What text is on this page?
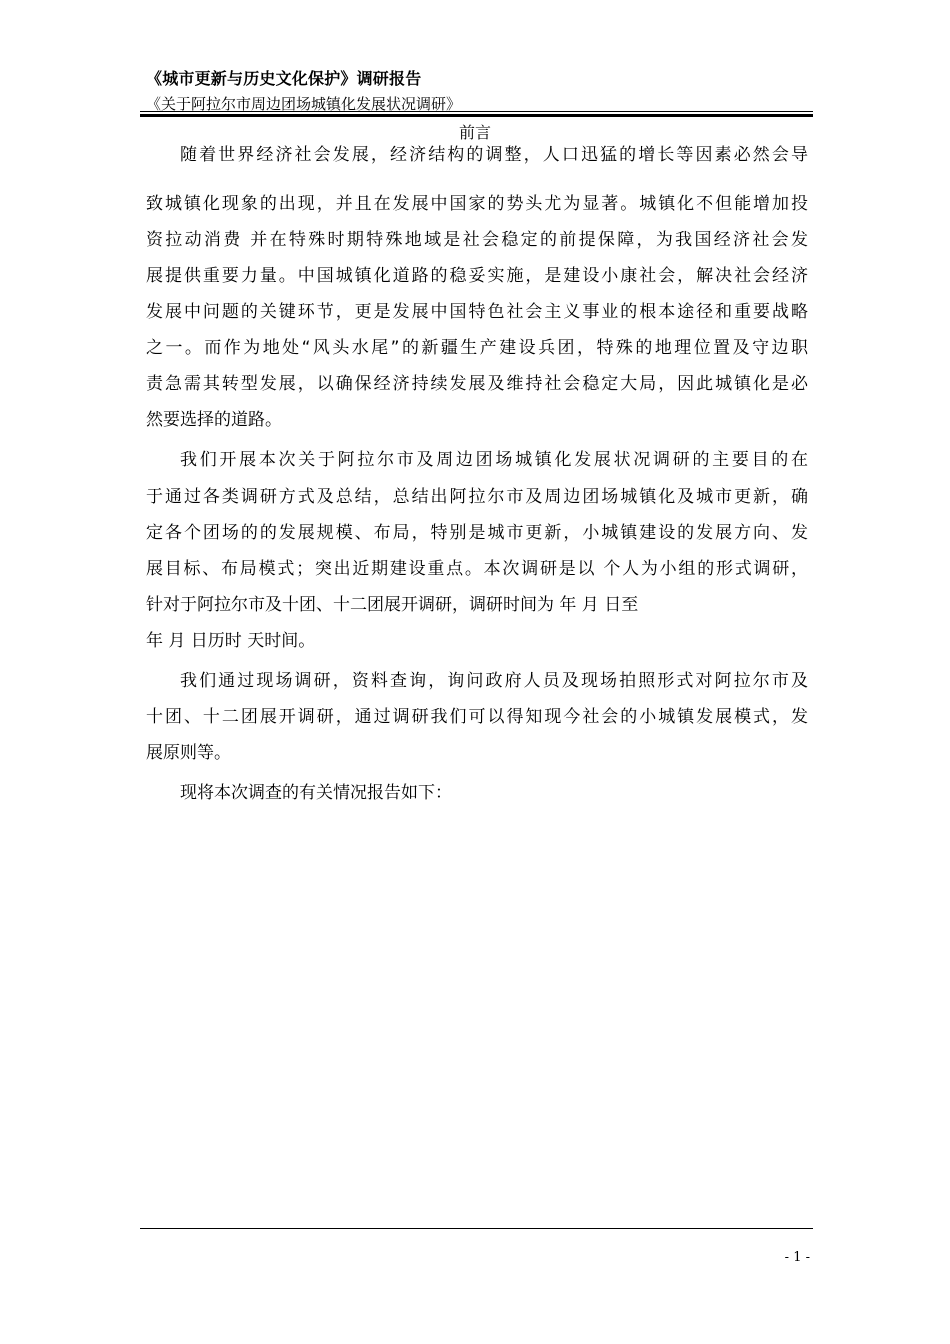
《城市更新与历史文化保护》调研报告
《关于阿拉尔市周边团场城镇化发展状况调研》
前言
随着世界经济社会发展，经济结构的调整，人口迅猛的增长等因素必然会导
致城镇化现象的出现，并且在发展中国家的势头尤为显著。城镇化不但能增加投
资拉动消费 并在特殊时期特殊地域是社会稳定的前提保障，为我国经济社会发
展提供重要力量。中国城镇化道路的稳妥实施，是建设小康社会，解决社会经济
发展中问题的关键环节，更是发展中国特色社会主义事业的根本途径和重要战略
之一。而作为地处“风头水尾”的新疆生产建设兵团，特殊的地理位置及守边职
责急需其转型发展，以确保经济持续发展及维持社会稳定大局，因此城镇化是必
然要选择的道路。
我们开展本次关于阿拉尔市及周边团场城镇化发展状况调研的主要目的在
于通过各类调研方式及总结，总结出阿拉尔市及周边团场城镇化及城市更新，确
定各个团场的的发展规模、布局，特别是城市更新，小城镇建设的发展方向、发
展目标、布局模式；突出近期建设重点。本次调研是以 个人为小组的形式调研，
针对于阿拉尔市及十团、十二团展开调研，调研时间为 年 月 日至
年 月 日历时 天时间。
我们通过现场调研，资料查询，询问政府人员及现场拍照形式对阿拉尔市及
十团、十二团展开调研，通过调研我们可以得知现今社会的小城镇发展模式，发
展原则等。
现将本次调查的有关情况报告如下：
- 1 -
